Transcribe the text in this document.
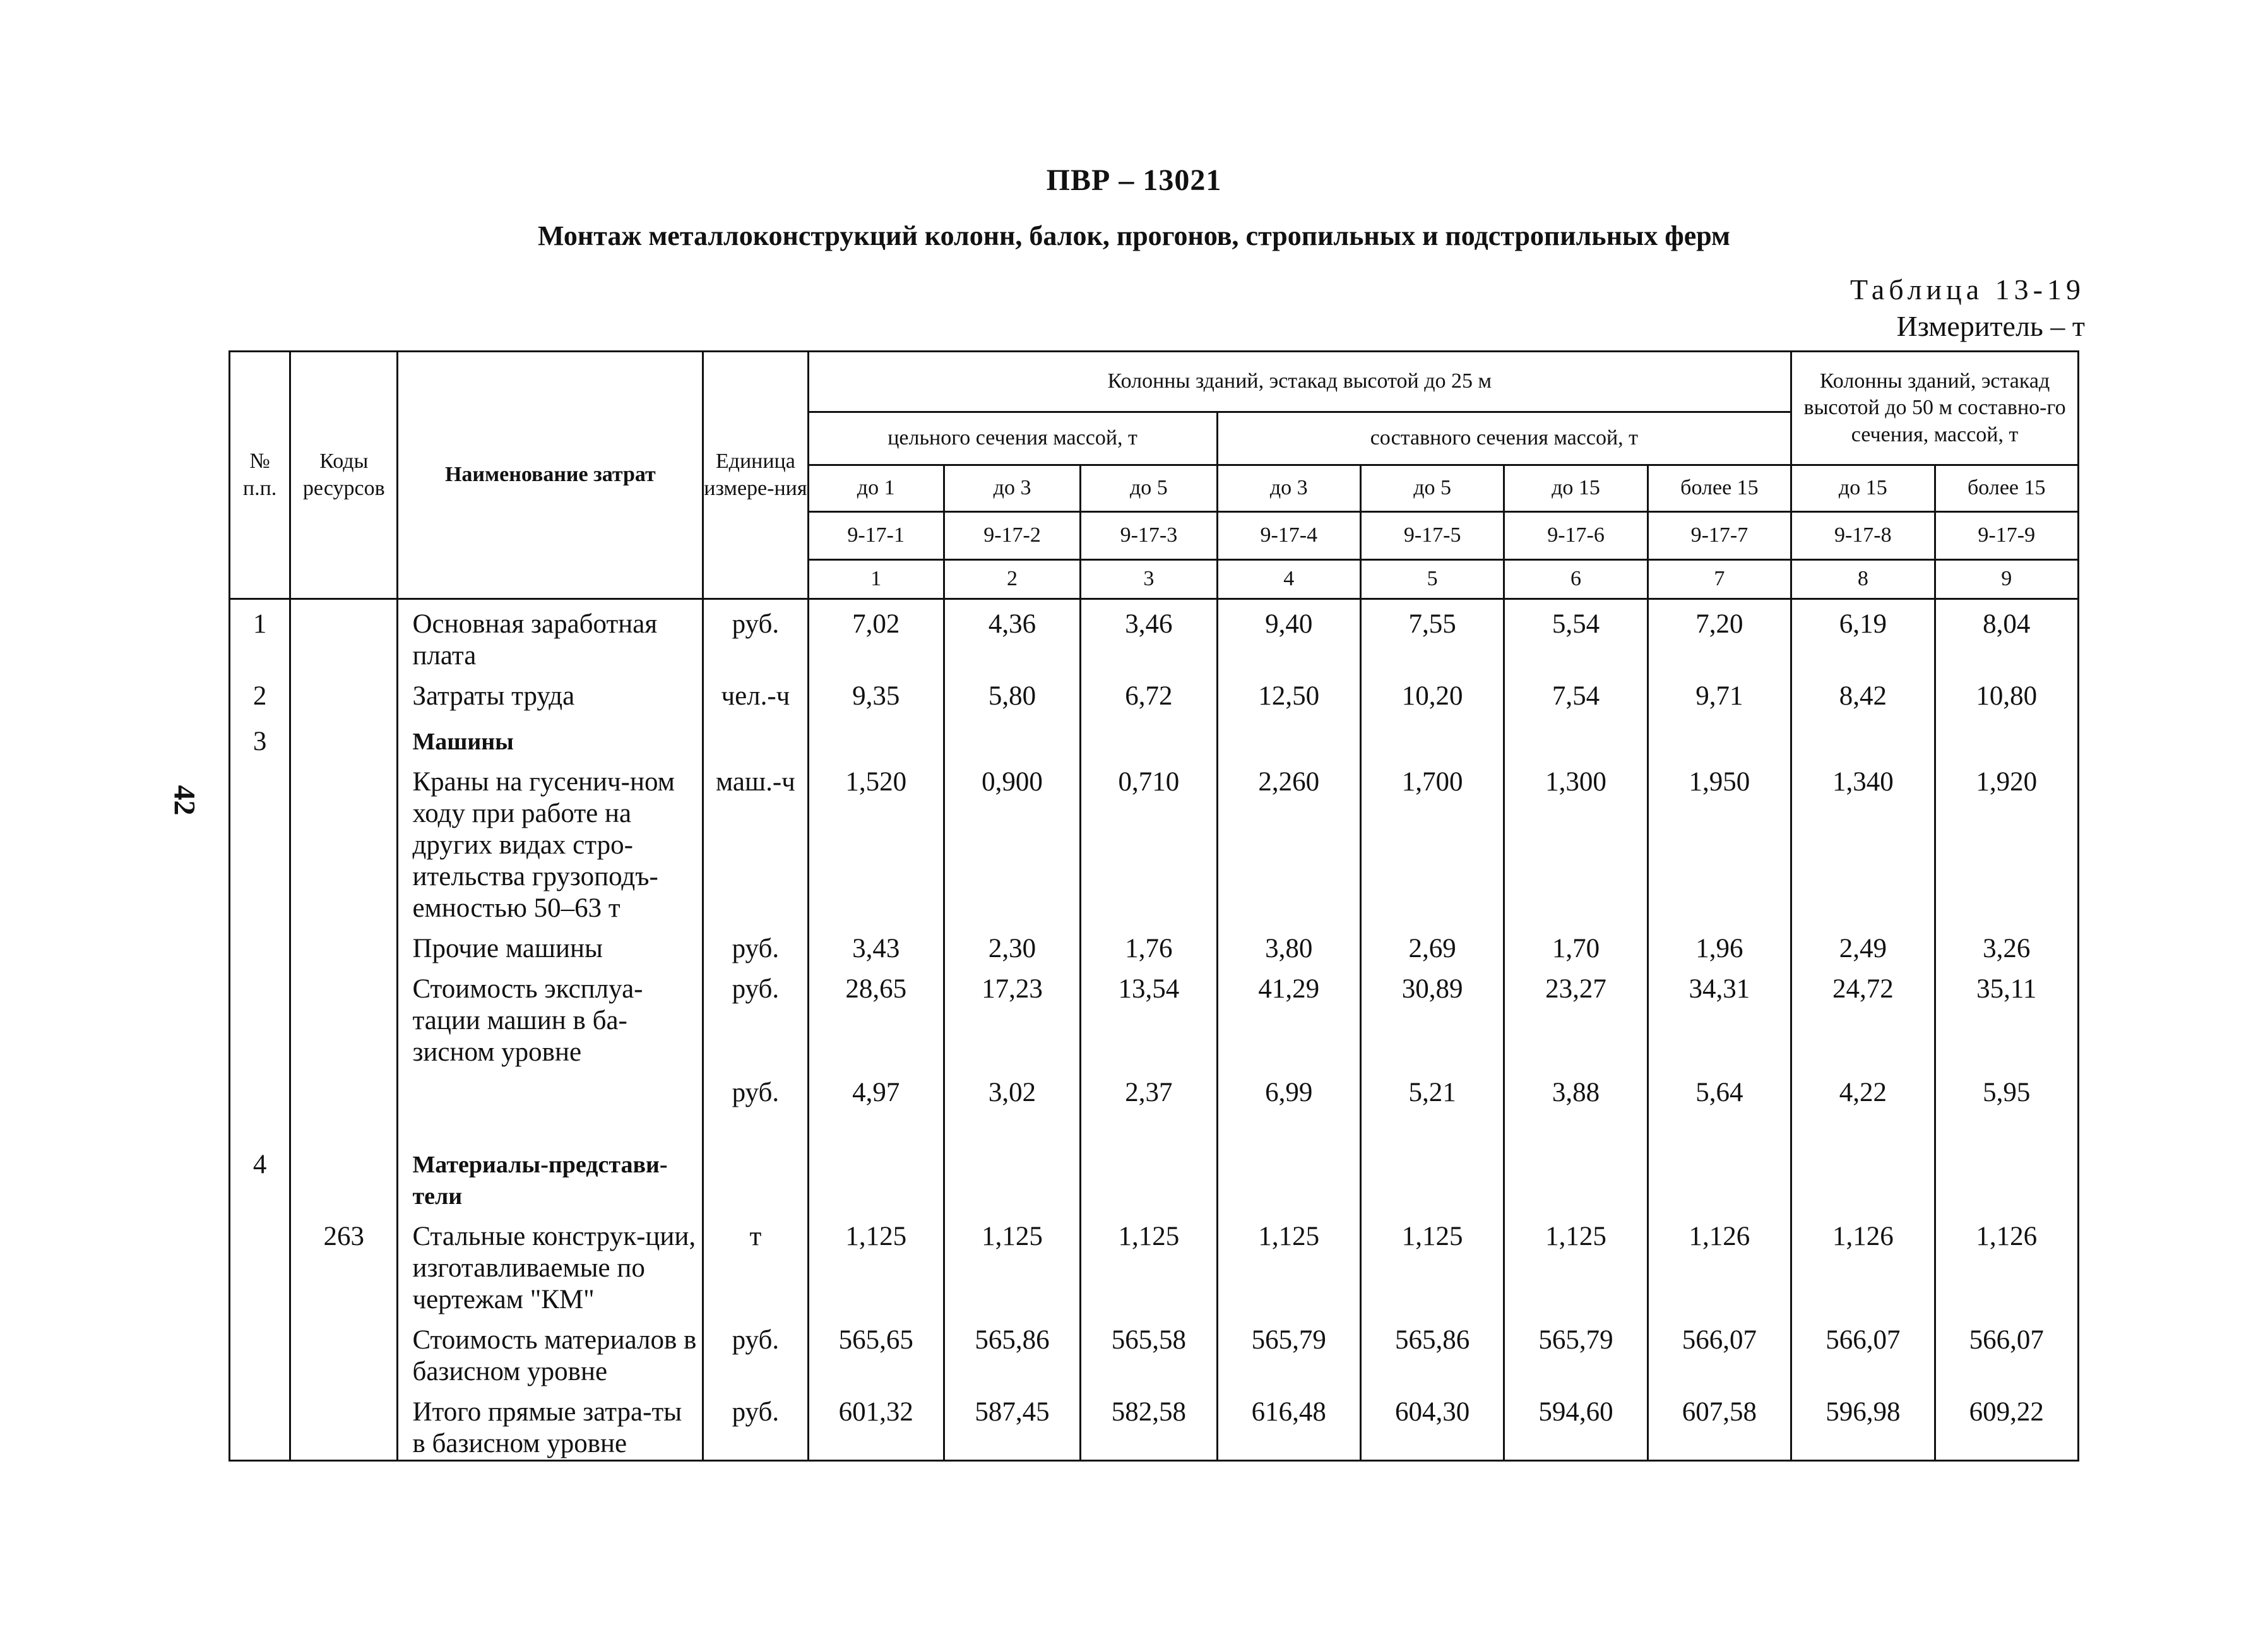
ПВР – 13021
Монтаж металлоконструкций колонн, балок, прогонов, стропильных и подстропильных ферм
Таблица 13-19
Измеритель – т
42
№ п.п.	Коды ресурсов	Наименование затрат	Единица измере-ния	Колонны зданий, эстакад высотой до 25 м							Колонны зданий, эстакад высотой до 50 м составно-го сечения, массой, т	
				цельного сечения массой, т			составного сечения массой, т					
				до 1	до 3	до 5	до 3	до 5	до 15	более 15	до 15	более 15
				9-17-1	9-17-2	9-17-3	9-17-4	9-17-5	9-17-6	9-17-7	9-17-8	9-17-9
				1	2	3	4	5	6	7	8	9
1		Основная заработная плата	руб.	7,02	4,36	3,46	9,40	7,55	5,54	7,20	6,19	8,04
2		Затраты труда	чел.-ч	9,35	5,80	6,72	12,50	10,20	7,54	9,71	8,42	10,80
3		Машины										
		Краны на гусенич-ном ходу при работе на других видах стро-ительства грузоподъ-емностью 50–63 т	маш.-ч	1,520	0,900	0,710	2,260	1,700	1,300	1,950	1,340	1,920
		Прочие машины	руб.	3,43	2,30	1,76	3,80	2,69	1,70	1,96	2,49	3,26
		Стоимость эксплуа-тации машин в ба-зисном уровне	руб.	28,65	17,23	13,54	41,29	30,89	23,27	34,31	24,72	35,11
			руб.	4,97	3,02	2,37	6,99	5,21	3,88	5,64	4,22	5,95
4		Материалы-представи-тели										
	263	Стальные конструк-ции, изготавливаемые по чертежам "КМ"	т	1,125	1,125	1,125	1,125	1,125	1,125	1,126	1,126	1,126
		Стоимость материалов в базисном уровне	руб.	565,65	565,86	565,58	565,79	565,86	565,79	566,07	566,07	566,07
		Итого прямые затра-ты в базисном уровне	руб.	601,32	587,45	582,58	616,48	604,30	594,60	607,58	596,98	609,22
